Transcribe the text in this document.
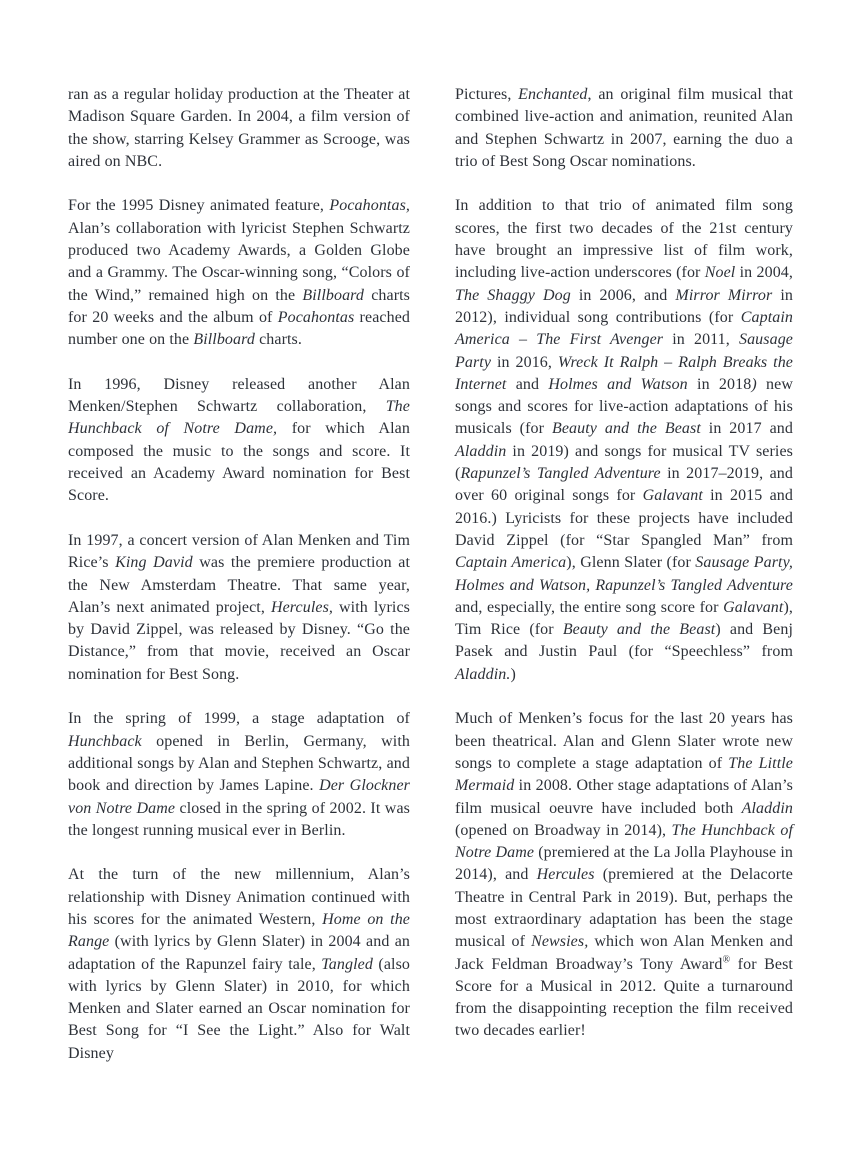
ran as a regular holiday production at the Theater at Madison Square Garden. In 2004, a film version of the show, starring Kelsey Grammer as Scrooge, was aired on NBC.

For the 1995 Disney animated feature, Pocahontas, Alan’s collaboration with lyricist Stephen Schwartz produced two Academy Awards, a Golden Globe and a Grammy. The Oscar-winning song, “Colors of the Wind,” remained high on the Billboard charts for 20 weeks and the album of Pocahontas reached number one on the Billboard charts.

In 1996, Disney released another Alan Menken/Stephen Schwartz collaboration, The Hunchback of Notre Dame, for which Alan composed the music to the songs and score. It received an Academy Award nomination for Best Score.

In 1997, a concert version of Alan Menken and Tim Rice’s King David was the premiere production at the New Amsterdam Theatre. That same year, Alan’s next animated project, Hercules, with lyrics by David Zippel, was released by Disney. “Go the Distance,” from that movie, received an Oscar nomination for Best Song.

In the spring of 1999, a stage adaptation of Hunchback opened in Berlin, Germany, with additional songs by Alan and Stephen Schwartz, and book and direction by James Lapine. Der Glockner von Notre Dame closed in the spring of 2002. It was the longest running musical ever in Berlin.

At the turn of the new millennium, Alan’s relationship with Disney Animation continued with his scores for the animated Western, Home on the Range (with lyrics by Glenn Slater) in 2004 and an adaptation of the Rapunzel fairy tale, Tangled (also with lyrics by Glenn Slater) in 2010, for which Menken and Slater earned an Oscar nomination for Best Song for “I See the Light.” Also for Walt Disney

Pictures, Enchanted, an original film musical that combined live-action and animation, reunited Alan and Stephen Schwartz in 2007, earning the duo a trio of Best Song Oscar nominations.

In addition to that trio of animated film song scores, the first two decades of the 21st century have brought an impressive list of film work, including live-action underscores (for Noel in 2004, The Shaggy Dog in 2006, and Mirror Mirror in 2012), individual song contributions (for Captain America – The First Avenger in 2011, Sausage Party in 2016, Wreck It Ralph – Ralph Breaks the Internet and Holmes and Watson in 2018) new songs and scores for live-action adaptations of his musicals (for Beauty and the Beast in 2017 and Aladdin in 2019) and songs for musical TV series (Rapunzel’s Tangled Adventure in 2017–2019, and over 60 original songs for Galavant in 2015 and 2016.) Lyricists for these projects have included David Zippel (for “Star Spangled Man” from Captain America), Glenn Slater (for Sausage Party, Holmes and Watson, Rapunzel’s Tangled Adventure and, especially, the entire song score for Galavant), Tim Rice (for Beauty and the Beast) and Benj Pasek and Justin Paul (for “Speechless” from Aladdin.)

Much of Menken’s focus for the last 20 years has been theatrical. Alan and Glenn Slater wrote new songs to complete a stage adaptation of The Little Mermaid in 2008. Other stage adaptations of Alan’s film musical oeuvre have included both Aladdin (opened on Broadway in 2014), The Hunchback of Notre Dame (premiered at the La Jolla Playhouse in 2014), and Hercules (premiered at the Delacorte Theatre in Central Park in 2019). But, perhaps the most extraordinary adaptation has been the stage musical of Newsies, which won Alan Menken and Jack Feldman Broadway’s Tony Award® for Best Score for a Musical in 2012. Quite a turnaround from the disappointing reception the film received two decades earlier!
